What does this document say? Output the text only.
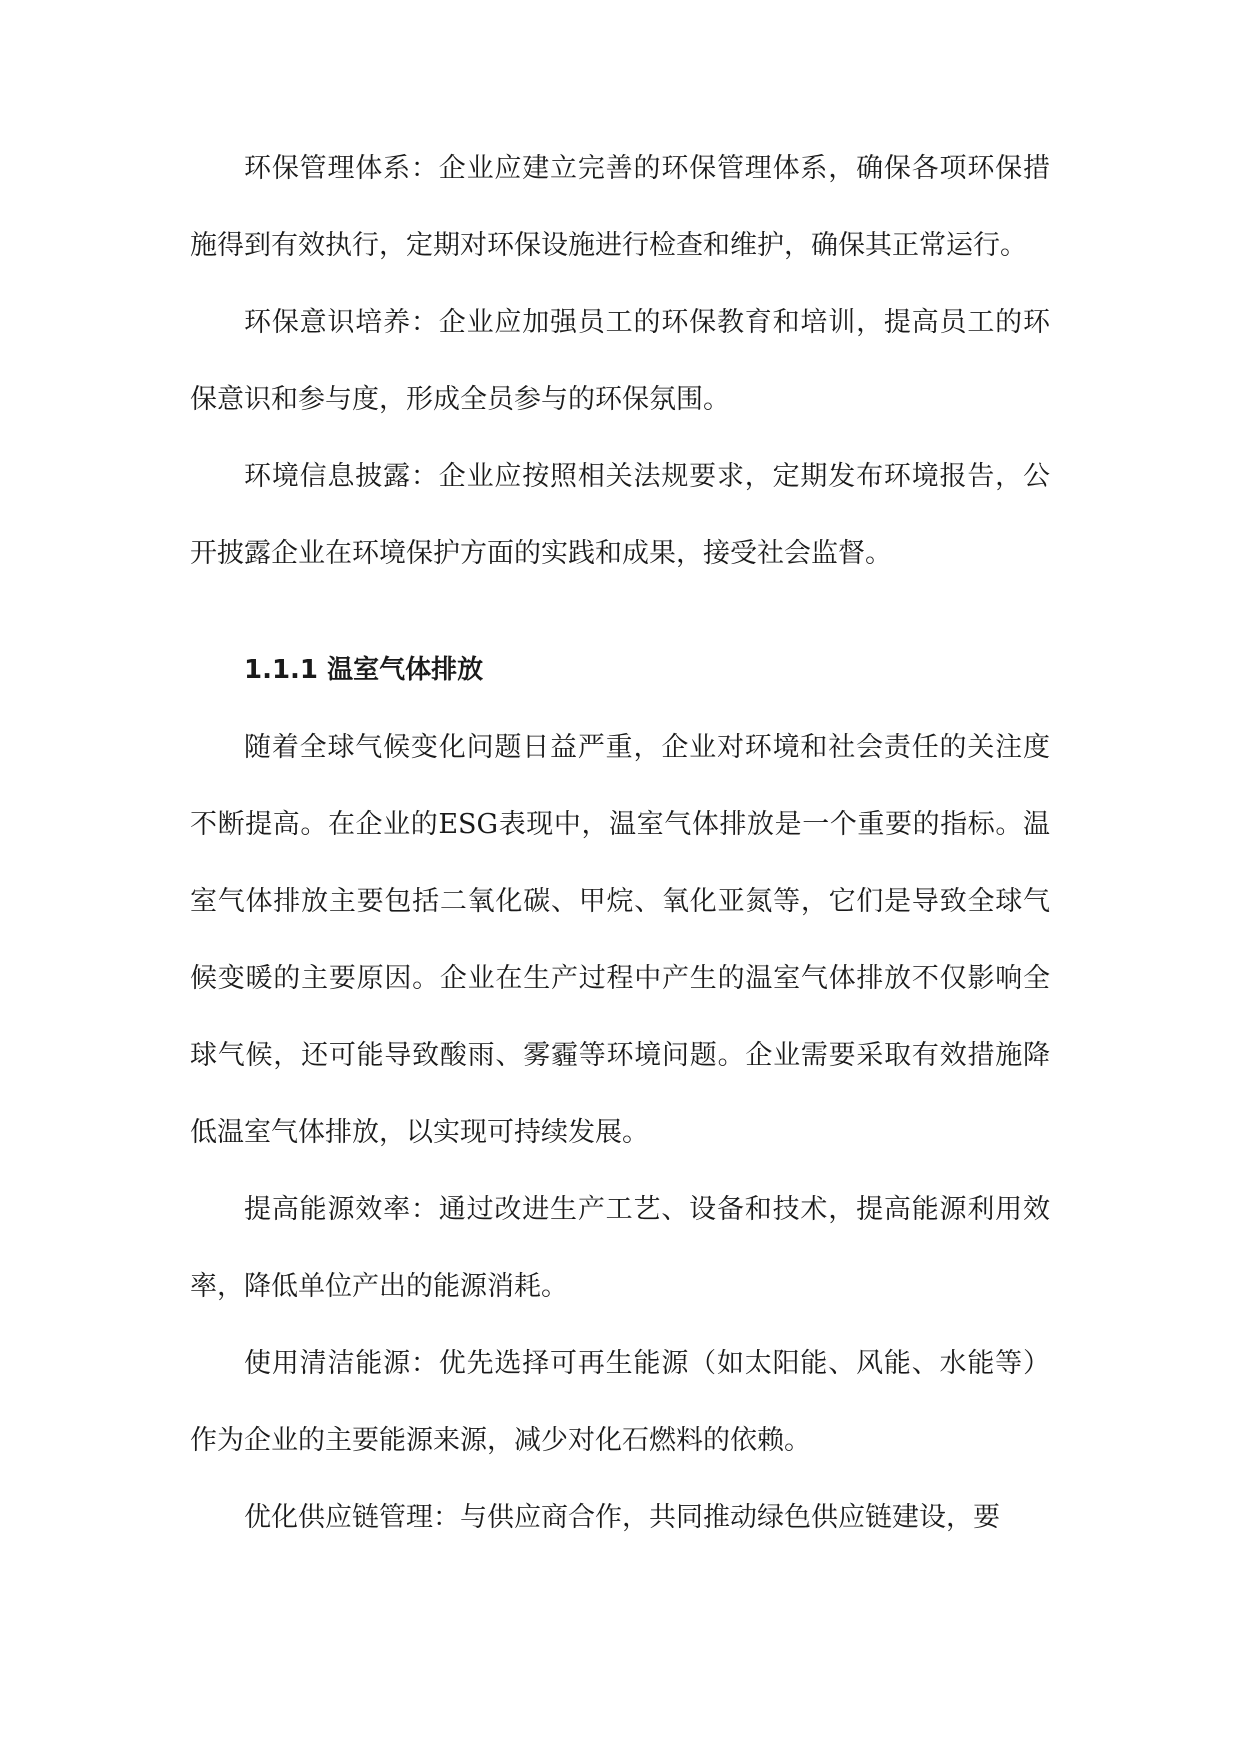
环保管理体系：企业应建立完善的环保管理体系，确保各项环保措施得到有效执行，定期对环保设施进行检查和维护，确保其正常运行。

环保意识培养：企业应加强员工的环保教育和培训，提高员工的环保意识和参与度，形成全员参与的环保氛围。

环境信息披露：企业应按照相关法规要求，定期发布环境报告，公开披露企业在环境保护方面的实践和成果，接受社会监督。

1.1.1 温室气体排放

随着全球气候变化问题日益严重，企业对环境和社会责任的关注度不断提高。在企业的ESG表现中，温室气体排放是一个重要的指标。温室气体排放主要包括二氧化碳、甲烷、氧化亚氮等，它们是导致全球气候变暖的主要原因。企业在生产过程中产生的温室气体排放不仅影响全球气候，还可能导致酸雨、雾霾等环境问题。企业需要采取有效措施降低温室气体排放，以实现可持续发展。

提高能源效率：通过改进生产工艺、设备和技术，提高能源利用效率，降低单位产出的能源消耗。

使用清洁能源：优先选择可再生能源（如太阳能、风能、水能等）作为企业的主要能源来源，减少对化石燃料的依赖。

优化供应链管理：与供应商合作，共同推动绿色供应链建设，要
